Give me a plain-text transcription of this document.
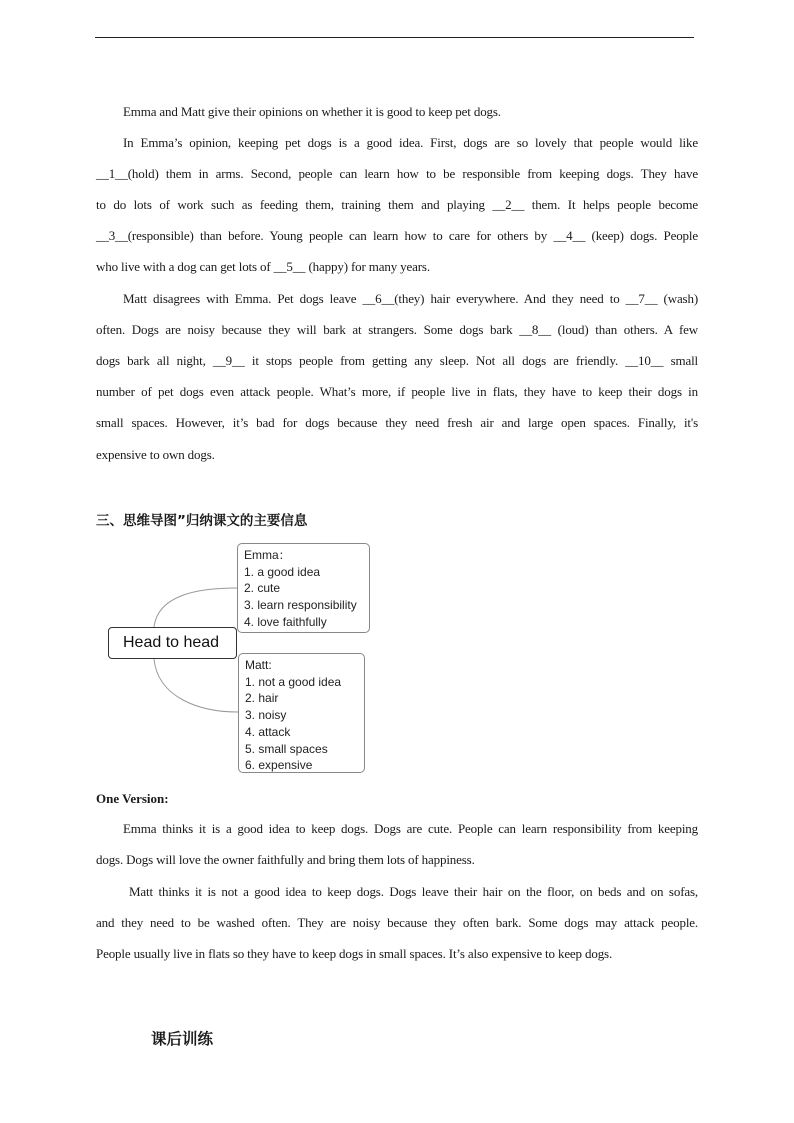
Emma and Matt give their opinions on whether it is good to keep pet dogs.
In Emma’s opinion, keeping pet dogs is a good idea. First, dogs are so lovely that people would like
__1__(hold) them in arms. Second, people can learn how to be responsible from keeping dogs. They have
to do lots of work such as feeding them, training them and playing __2__ them. It helps people become
__3__(responsible) than before. Young people can learn how to care for others by __4__ (keep) dogs. People
who live with a dog can get lots of __5__ (happy) for many years.
Matt disagrees with Emma. Pet dogs leave __6__(they) hair everywhere. And they need to __7__ (wash)
often. Dogs are noisy because they will bark at strangers. Some dogs bark __8__ (loud) than others. A few
dogs bark all night, __9__ it stops people from getting any sleep. Not all dogs are friendly. __10__ small
number of pet dogs even attack people. What’s more, if people live in flats, they have to keep their dogs in
small spaces. However, it’s bad for dogs because they need fresh air and large open spaces. Finally, it's
expensive to own dogs.
三、思维导图”归纳课文的主要信息
Head to head
Emma：
1. a good idea
2. cute
3. learn responsibility
4. love faithfully
Matt:
1. not a good idea
2. hair
3. noisy
4. attack
5. small spaces
6. expensive
One Version:
Emma thinks it is a good idea to keep dogs. Dogs are cute. People can learn responsibility from keeping
dogs. Dogs will love the owner faithfully and bring them lots of happiness.
Matt thinks it is not a good idea to keep dogs. Dogs leave their hair on the floor, on beds and on sofas,
and they need to be washed often. They are noisy because they often bark. Some dogs may attack people.
People usually live in flats so they have to keep dogs in small spaces. It’s also expensive to keep dogs.
课后训练
